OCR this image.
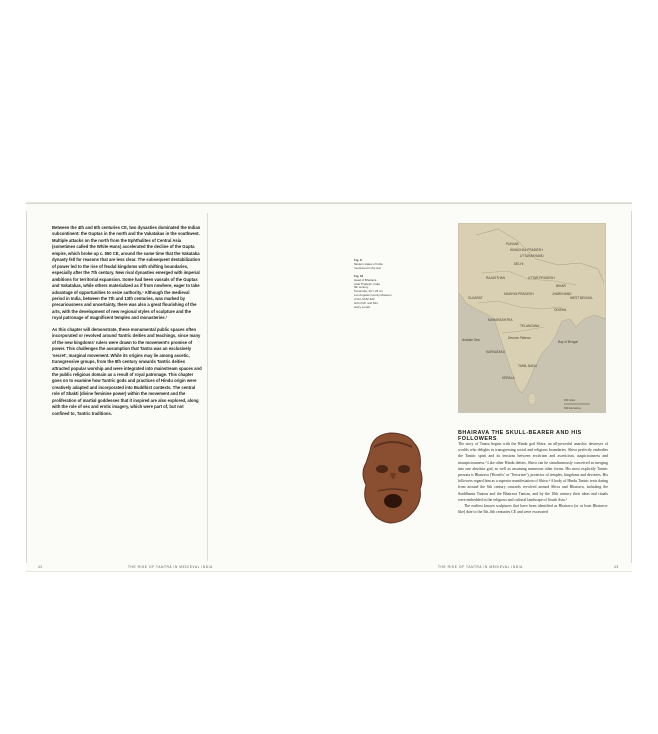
Between the 4th and 6th centuries CE, two dynasties dominated the Indian subcontinent: the Guptas in the north and the Vakatakas in the southwest. Multiple attacks on the north from the Ephthalites of Central Asia (sometimes called the White Huns) accelerated the decline of the Gupta empire, which broke up c. 550 CE, around the same time that the Vakataka dynasty fell for reasons that are less clear. The subsequent destabilization of power led to the rise of feudal kingdoms with shifting boundaries, especially after the 7th century. New rival dynasties emerged with imperial ambitions for territorial expansion. Some had been vassals of the Guptas and Vakatakas, while others materialized as if from nowhere, eager to take advantage of opportunities to seize authority.¹ Although the medieval period in India, between the 7th and 13th centuries, was marked by precariousness and uncertainty, there was also a great flourishing of the arts, with the development of new regional styles of sculpture and the royal patronage of magnificent temples and monasteries.²

As this chapter will demonstrate, these monumental public spaces often incorporated or revolved around Tantric deities and teachings, since many of the new kingdoms' rulers were drawn to the movement's promise of power. This challenges the assumption that Tantra was an exclusively 'secret', marginal movement. While its origins may lie among ascetic, transgressive groups, from the 8th century onwards Tantric deities attracted popular worship and were integrated into mainstream spaces and the public religious domain as a result of royal patronage. This chapter goes on to examine how Tantric gods and practices of Hindu origin were creatively adapted and incorporated into Buddhist contexts. The central role of Shakti (divine feminine power) within the movement and the proliferation of martial goddesses that it inspired are also explored, along with the role of sex and erotic imagery, which were part of, but not confined to, Tantric traditions.

42	THE RISE OF TANTRA IN MEDIEVAL INDIA
Fig. 8
Modern states of India
mentioned in the text
Fig. 18
Head of Bhairava
Uttar Pradesh, India
9th century
Terracotta, 32 × 25 cm
Los Angeles County Museum
of Art, M.82.220
Gift of Mr. and Mrs.
Harry Lenart
PUNJAB
HIMACHAL PRADESH
UTTARAKHAND
DELHI
RAJASTHAN	UTTAR PRADESH
GUJARAT
MADHYA PRADESH
BIHAR
JHARKHAND
WEST BENGAL
ODISHA
MAHARASHTRA
TELANGANA
Deccan Plateau
KARNATAKA
TAMIL NADU
KERALA
Arabian Sea	Bay of Bengal
300 miles
500 kilometres
BHAIRAVA THE SKULL-BEARER AND HIS FOLLOWERS

The story of Tantra begins with the Hindu god Shiva, an all-powerful anarchic destroyer of worlds who delights in transgressing social and religious boundaries. Shiva perfectly embodies the Tantric spirit and its tensions between eroticism and asceticism, auspiciousness and inauspiciousness.³ Like other Hindu deities, Shiva can be simultaneously conceived as merging into one absolute god, as well as assuming numerous other forms. His most explicitly Tantric persona is Bhairava ('Horrific' or 'Terrorizer'), protector of temples, kingdoms and devotees. His followers regard him as a superior manifestation of Shiva.⁴ A body of Hindu Tantric texts dating from around the 6th century onwards revolved around Shiva and Bhairava, including the Saiddhanta Tantras and the Bhairava Tantras, and by the 10th century their ideas and rituals were embedded in the religious and cultural landscape of South Asia.⁵

The earliest known sculptures that have been identified as Bhairava (or at least Bhairava-like) date to the 5th–6th centuries CE and were excavated

THE RISE OF TANTRA IN MEDIEVAL INDIA	43
